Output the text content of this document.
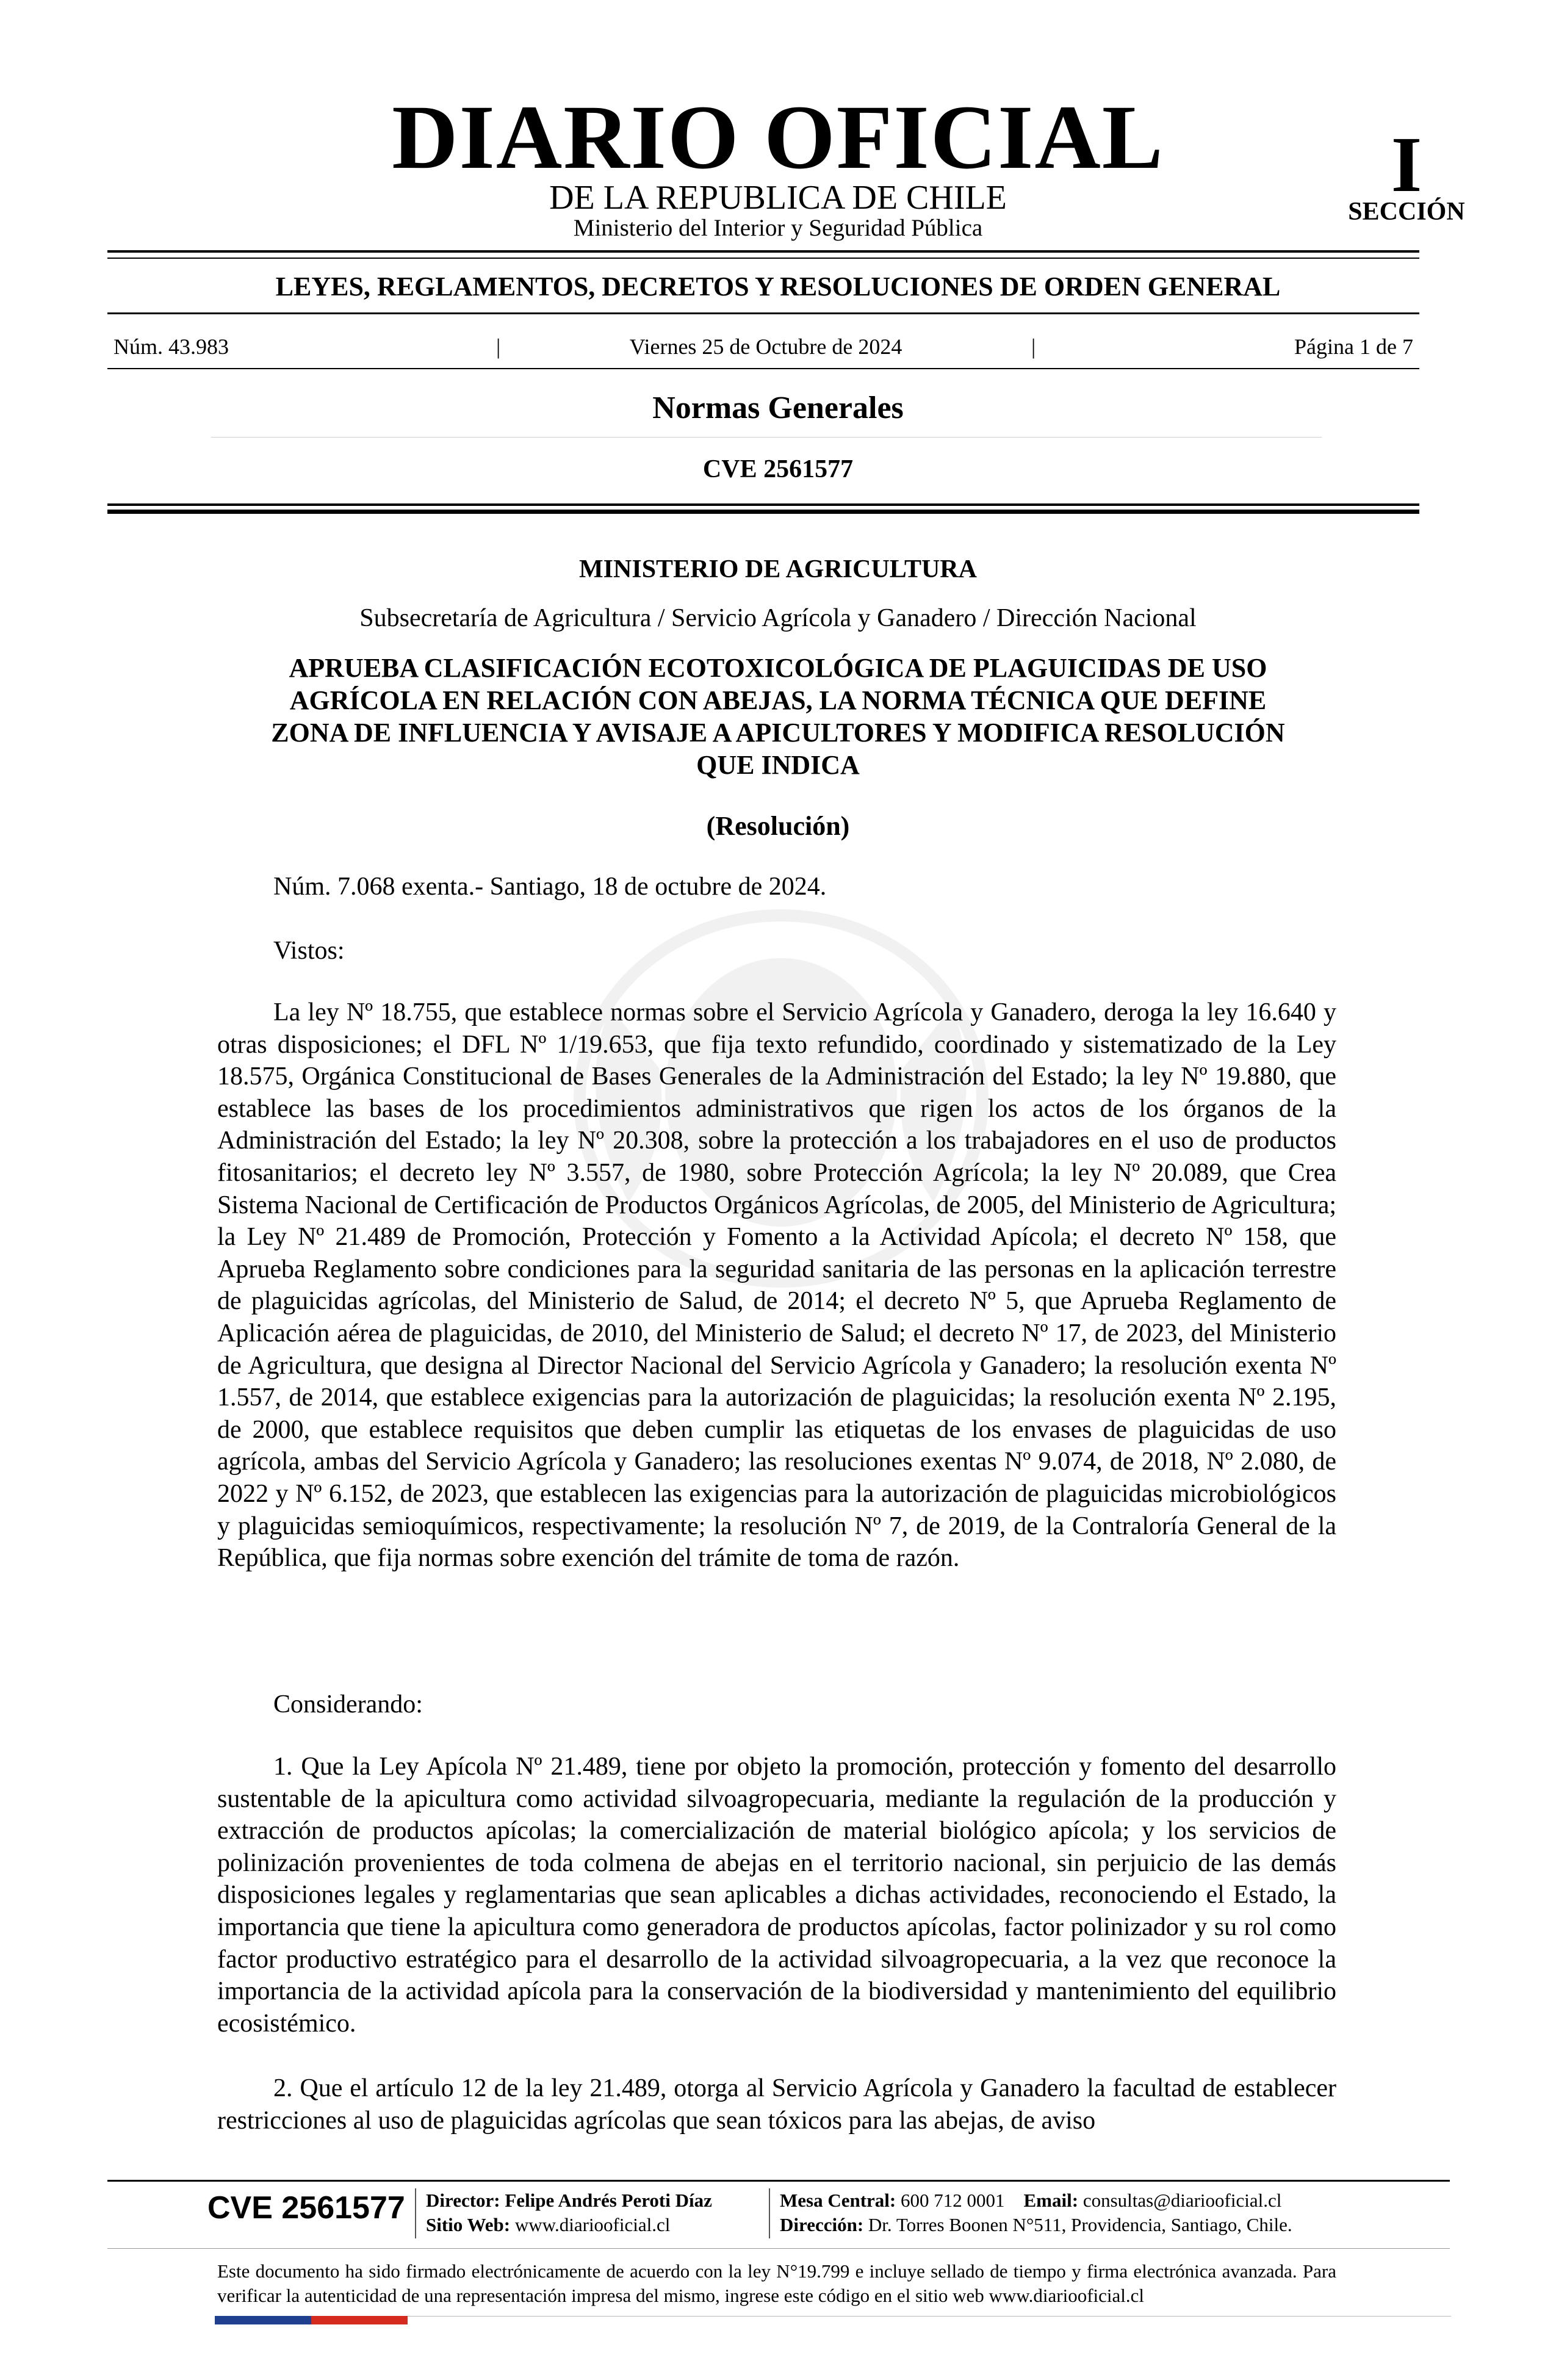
DIARIO OFICIAL
DE LA REPUBLICA DE CHILE
Ministerio del Interior y Seguridad Pública
I
SECCIÓN
LEYES, REGLAMENTOS, DECRETOS Y RESOLUCIONES DE ORDEN GENERAL
Núm. 43.983	|	Viernes 25 de Octubre de 2024	|	Página 1 de 7
Normas Generales
CVE 2561577
MINISTERIO DE AGRICULTURA
Subsecretaría de Agricultura / Servicio Agrícola y Ganadero / Dirección Nacional
APRUEBA CLASIFICACIÓN ECOTOXICOLÓGICA DE PLAGUICIDAS DE USO
AGRÍCOLA EN RELACIÓN CON ABEJAS, LA NORMA TÉCNICA QUE DEFINE
ZONA DE INFLUENCIA Y AVISAJE A APICULTORES Y MODIFICA RESOLUCIÓN
QUE INDICA
(Resolución)
Núm. 7.068 exenta.- Santiago, 18 de octubre de 2024.
Vistos:

La ley Nº 18.755, que establece normas sobre el Servicio Agrícola y Ganadero, deroga la ley 16.640 y otras disposiciones; el DFL Nº 1/19.653, que fija texto refundido, coordinado y sistematizado de la Ley 18.575, Orgánica Constitucional de Bases Generales de la Administración del Estado; la ley Nº 19.880, que establece las bases de los procedimientos administrativos que rigen los actos de los órganos de la Administración del Estado; la ley Nº 20.308, sobre la protección a los trabajadores en el uso de productos fitosanitarios; el decreto ley Nº 3.557, de 1980, sobre Protección Agrícola; la ley Nº 20.089, que Crea Sistema Nacional de Certificación de Productos Orgánicos Agrícolas, de 2005, del Ministerio de Agricultura; la Ley Nº 21.489 de Promoción, Protección y Fomento a la Actividad Apícola; el decreto Nº 158, que Aprueba Reglamento sobre condiciones para la seguridad sanitaria de las personas en la aplicación terrestre de plaguicidas agrícolas, del Ministerio de Salud, de 2014; el decreto Nº 5, que Aprueba Reglamento de Aplicación aérea de plaguicidas, de 2010, del Ministerio de Salud; el decreto Nº 17, de 2023, del Ministerio de Agricultura, que designa al Director Nacional del Servicio Agrícola y Ganadero; la resolución exenta Nº 1.557, de 2014, que establece exigencias para la autorización de plaguicidas; la resolución exenta Nº 2.195, de 2000, que establece requisitos que deben cumplir las etiquetas de los envases de plaguicidas de uso agrícola, ambas del Servicio Agrícola y Ganadero; las resoluciones exentas Nº 9.074, de 2018, Nº 2.080, de 2022 y Nº 6.152, de 2023, que establecen las exigencias para la autorización de plaguicidas microbiológicos y plaguicidas semioquímicos, respectivamente; la resolución Nº 7, de 2019, de la Contraloría General de la República, que fija normas sobre exención del trámite de toma de razón.

Considerando:

1. Que la Ley Apícola Nº 21.489, tiene por objeto la promoción, protección y fomento del desarrollo sustentable de la apicultura como actividad silvoagropecuaria, mediante la regulación de la producción y extracción de productos apícolas; la comercialización de material biológico apícola; y los servicios de polinización provenientes de toda colmena de abejas en el territorio nacional, sin perjuicio de las demás disposiciones legales y reglamentarias que sean aplicables a dichas actividades, reconociendo el Estado, la importancia que tiene la apicultura como generadora de productos apícolas, factor polinizador y su rol como factor productivo estratégico para el desarrollo de la actividad silvoagropecuaria, a la vez que reconoce la importancia de la actividad apícola para la conservación de la biodiversidad y mantenimiento del equilibrio ecosistémico.

2. Que el artículo 12 de la ley 21.489, otorga al Servicio Agrícola y Ganadero la facultad de establecer restricciones al uso de plaguicidas agrícolas que sean tóxicos para las abejas, de aviso

CVE 2561577 Director: Felipe Andrés Peroti Díaz
Sitio Web: www.diariooficial.cl
Mesa Central: 600 712 0001 Email: consultas@diariooficial.cl
Dirección: Dr. Torres Boonen N°511, Providencia, Santiago, Chile.
Este documento ha sido firmado electrónicamente de acuerdo con la ley N°19.799 e incluye sellado de tiempo y firma electrónica avanzada. Para verificar la autenticidad de una representación impresa del mismo, ingrese este código en el sitio web www.diariooficial.cl
